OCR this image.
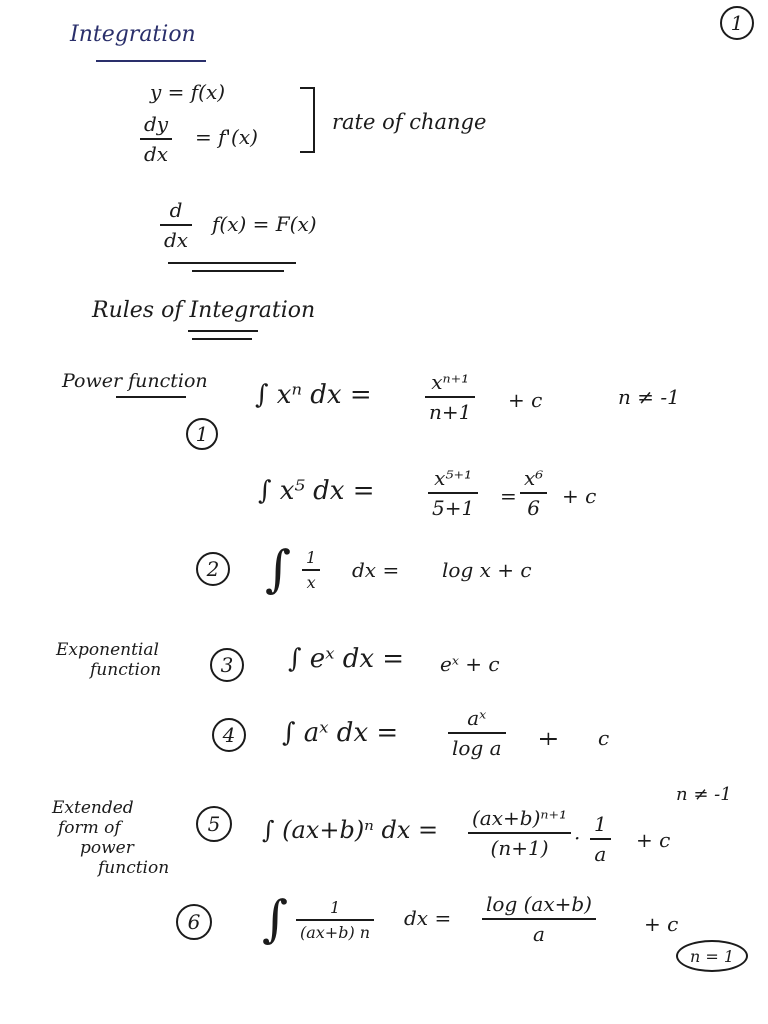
1
Integration
y = f(x)
dy
dx
= f'(x)
rate of change
d
dx
f(x) = F(x)
Rules of Integration
Power function
1
∫ xⁿ dx =	xⁿ⁺¹
n+1 + c	n ≠ -1
∫ x⁵ dx =	x⁵⁺¹
5+1 =
x⁶
6 + c
2 ∫ 1
x
dx = log x + c
Exponential
function	3 ∫ eˣ dx = eˣ + c
4 ∫ aˣ dx =	aˣ
log a + c
Extended
form of
power
function
5 ∫ (ax+b)ⁿ dx = (ax+b)ⁿ⁺¹
(n+1) ·
1
a
+ c
n ≠ -1
6 ∫	1
(ax+b) n
dx =
log (ax+b)
a	+ c
n = 1
